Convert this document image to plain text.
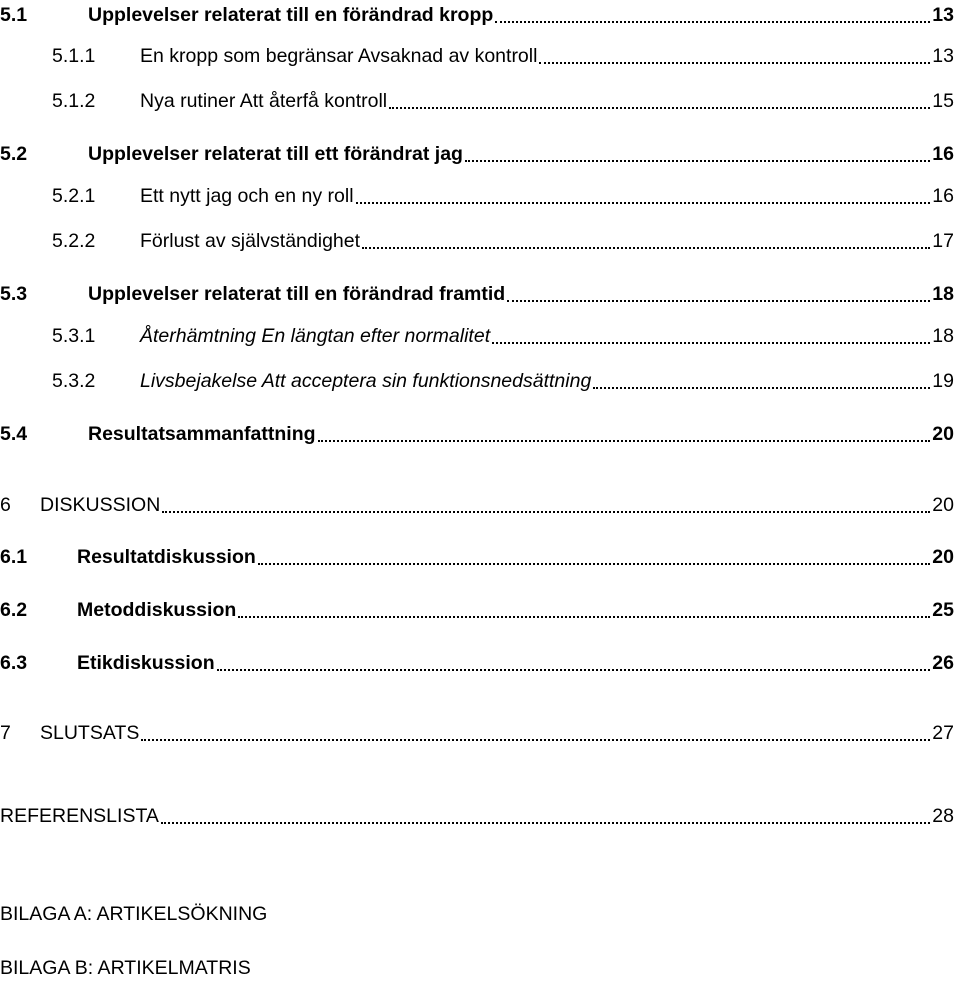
5.1	Upplevelser relaterat till en förändrad kropp	13
5.1.1	En kropp som begränsar Avsaknad av kontroll	13
5.1.2	Nya rutiner Att återfå kontroll	15
5.2	Upplevelser relaterat till ett förändrat jag	16
5.2.1	Ett nytt jag och en ny roll	16
5.2.2	Förlust av självständighet	17
5.3	Upplevelser relaterat till en förändrad framtid	18
5.3.1	Återhämtning En längtan efter normalitet	18
5.3.2	Livsbejakelse Att acceptera sin funktionsnedsättning	19
5.4	Resultatsammanfattning	20
6	DISKUSSION	20
6.1	Resultatdiskussion	20
6.2	Metoddiskussion	25
6.3	Etikdiskussion	26
7	SLUTSATS	27
REFERENSLISTA	28
BILAGA A: ARTIKELSÖKNING
BILAGA B: ARTIKELMATRIS
